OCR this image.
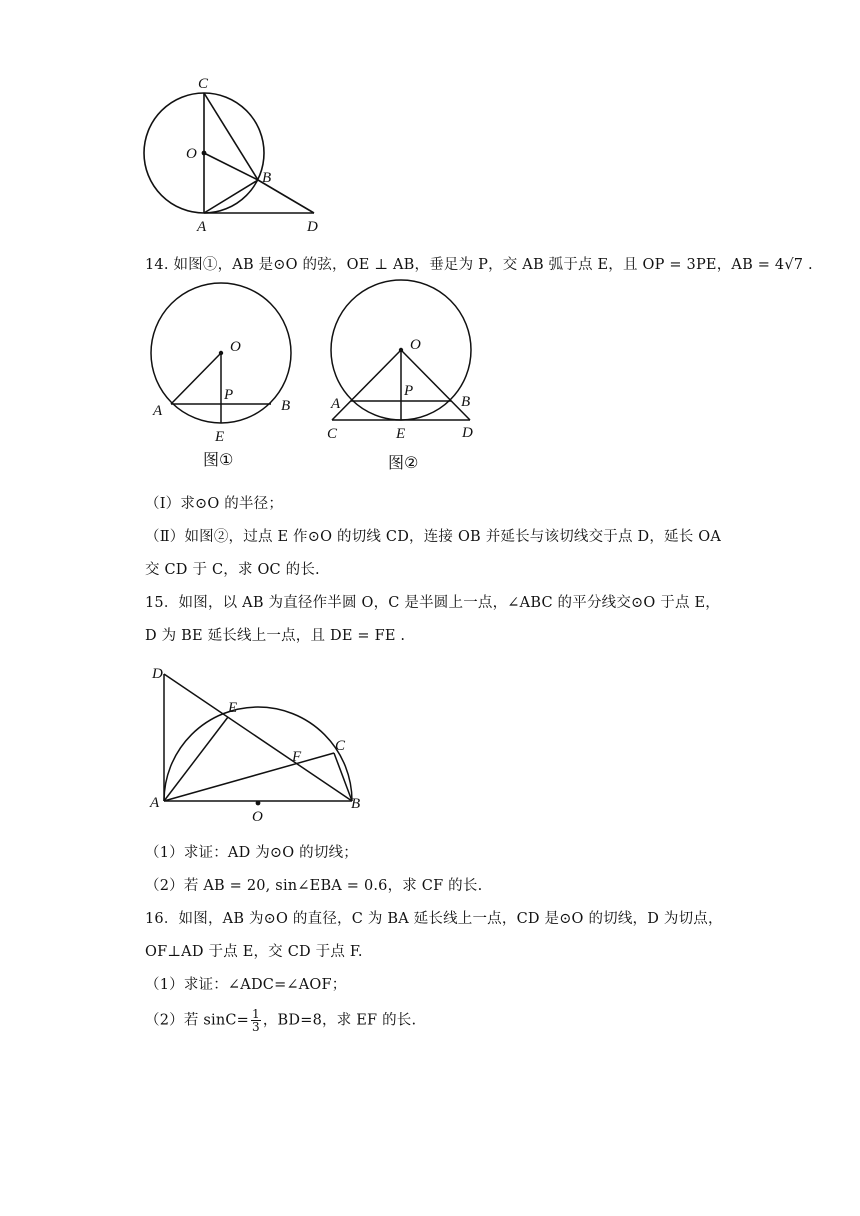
C
O
B
A	D
14. 如图①，AB 是⊙O 的弦，OE ⊥ AB，垂足为 P，交 AB 弧于点 E，且 OP = 3PE，AB = 4√7 .
O
P
A	B
E
图①
O
P
A	B
C	E	D
图②
（Ⅰ）求⊙O 的半径；
（Ⅱ）如图②，过点 E 作⊙O 的切线 CD，连接 OB 并延长与该切线交于点 D，延长 OA
交 CD 于 C，求 OC 的长.
15．如图，以 AB 为直径作半圆 O，C 是半圆上一点，∠ABC 的平分线交⊙O 于点 E，
D 为 BE 延长线上一点，且 DE = FE .
D
E
C
F
A
O
B
（1）求证：AD 为⊙O 的切线；
（2）若 AB = 20, sin∠EBA = 0.6，求 CF 的长.
16．如图，AB 为⊙O 的直径，C 为 BA 延长线上一点，CD 是⊙O 的切线，D 为切点，
OF⊥AD 于点 E，交 CD 于点 F.
（1）求证：∠ADC=∠AOF；
（2）若 $\sin C= \frac{1}{3}$ ，BD=8，求 EF 的长.
